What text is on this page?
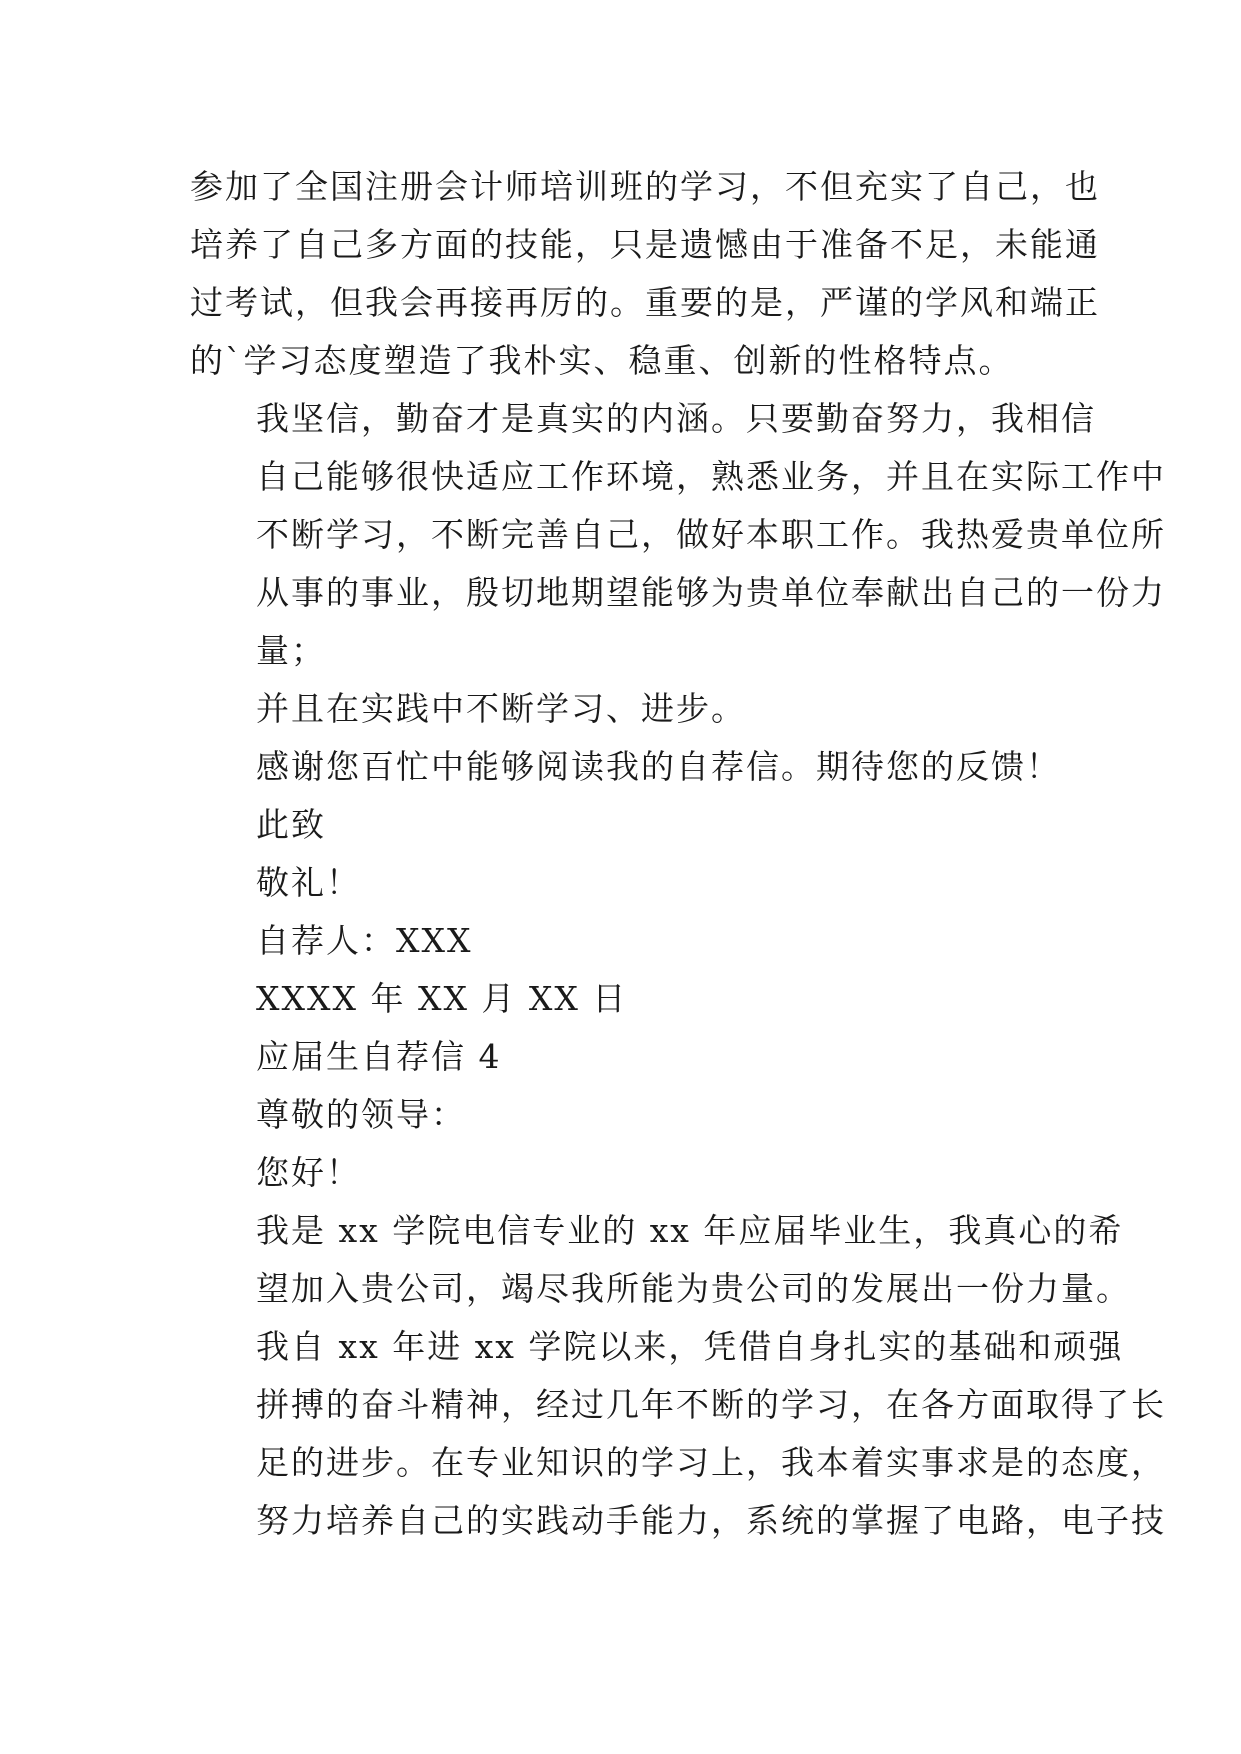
参加了全国注册会计师培训班的学习，不但充实了自己，也
培养了自己多方面的技能，只是遗憾由于准备不足，未能通
过考试，但我会再接再厉的。重要的是，严谨的学风和端正
的`学习态度塑造了我朴实、稳重、创新的性格特点。

我坚信，勤奋才是真实的内涵。只要勤奋努力，我相信
自己能够很快适应工作环境，熟悉业务，并且在实际工作中
不断学习，不断完善自己，做好本职工作。我热爱贵单位所
从事的事业，殷切地期望能够为贵单位奉献出自己的一份力
量；

并且在实践中不断学习、进步。

感谢您百忙中能够阅读我的自荐信。期待您的反馈！

此致

敬礼！

自荐人：XXX

XXXX 年 XX 月 XX 日

应届生自荐信 4

尊敬的领导：

您好！

我是 xx 学院电信专业的 xx 年应届毕业生，我真心的希
望加入贵公司，竭尽我所能为贵公司的发展出一份力量。

我自 xx 年进 xx 学院以来，凭借自身扎实的基础和顽强
拼搏的奋斗精神，经过几年不断的学习，在各方面取得了长
足的进步。在专业知识的学习上，我本着实事求是的态度，
努力培养自己的实践动手能力，系统的掌握了电路，电子技
